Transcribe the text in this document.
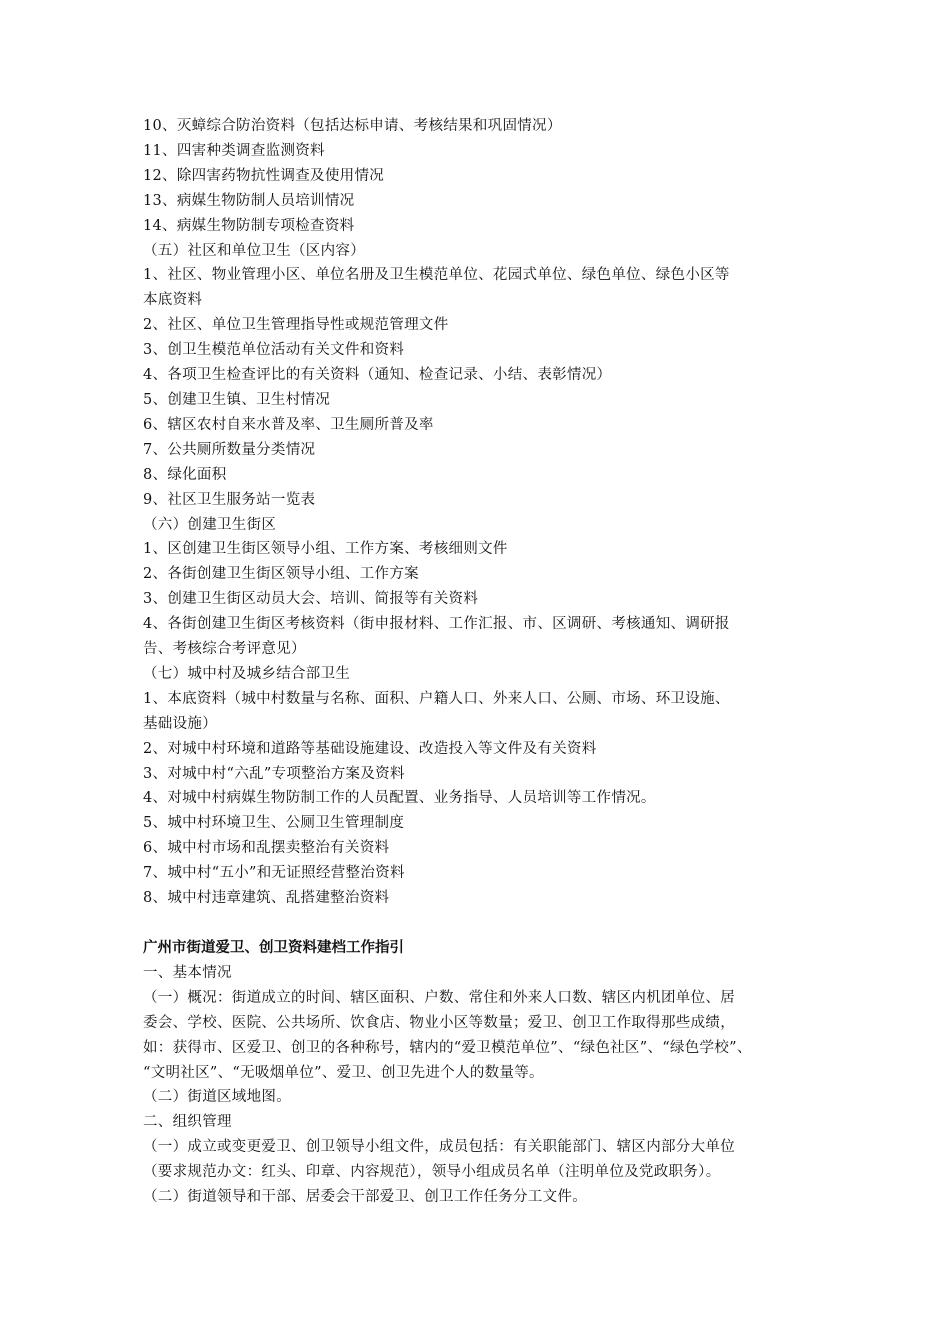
10、灭蟑综合防治资料（包括达标申请、考核结果和巩固情况）
11、四害种类调查监测资料
12、除四害药物抗性调查及使用情况
13、病媒生物防制人员培训情况
14、病媒生物防制专项检查资料
（五）社区和单位卫生（区内容）
1、社区、物业管理小区、单位名册及卫生模范单位、花园式单位、绿色单位、绿色小区等
本底资料
2、社区、单位卫生管理指导性或规范管理文件
3、创卫生模范单位活动有关文件和资料
4、各项卫生检查评比的有关资料（通知、检查记录、小结、表彰情况）
5、创建卫生镇、卫生村情况
6、辖区农村自来水普及率、卫生厕所普及率
7、公共厕所数量分类情况
8、绿化面积
9、社区卫生服务站一览表
（六）创建卫生街区
1、区创建卫生街区领导小组、工作方案、考核细则文件
2、各街创建卫生街区领导小组、工作方案
3、创建卫生街区动员大会、培训、简报等有关资料
4、各街创建卫生街区考核资料（街申报材料、工作汇报、市、区调研、考核通知、调研报
告、考核综合考评意见）
（七）城中村及城乡结合部卫生
1、本底资料（城中村数量与名称、面积、户籍人口、外来人口、公厕、市场、环卫设施、
基础设施）
2、对城中村环境和道路等基础设施建设、改造投入等文件及有关资料
3、对城中村“六乱”专项整治方案及资料
4、对城中村病媒生物防制工作的人员配置、业务指导、人员培训等工作情况。
5、城中村环境卫生、公厕卫生管理制度
6、城中村市场和乱摆卖整治有关资料
7、城中村“五小”和无证照经营整治资料
8、城中村违章建筑、乱搭建整治资料
广州市街道爱卫、创卫资料建档工作指引
一、基本情况
（一）概况：街道成立的时间、辖区面积、户数、常住和外来人口数、辖区内机团单位、居
委会、学校、医院、公共场所、饮食店、物业小区等数量；爱卫、创卫工作取得那些成绩，
如：获得市、区爱卫、创卫的各种称号，辖内的“爱卫模范单位”、“绿色社区”、“绿色学校”、
“文明社区”、“无吸烟单位”、爱卫、创卫先进个人的数量等。
（二）街道区域地图。
二、组织管理
（一）成立或变更爱卫、创卫领导小组文件，成员包括：有关职能部门、辖区内部分大单位
（要求规范办文：红头、印章、内容规范），领导小组成员名单（注明单位及党政职务）。
（二）街道领导和干部、居委会干部爱卫、创卫工作任务分工文件。
